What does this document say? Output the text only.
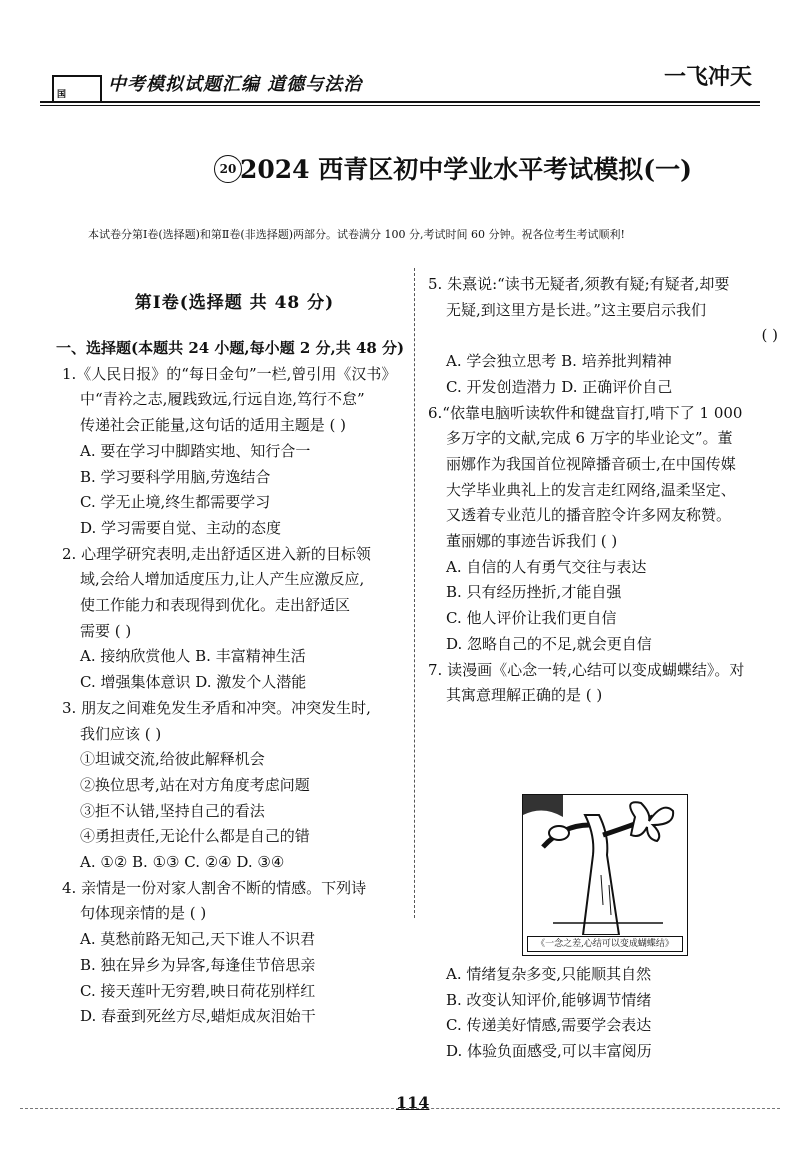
国 中考模拟试题汇编 道德与法治	一飞冲天
20 2024 西青区初中学业水平考试模拟(一)
本试卷分第Ⅰ卷(选择题)和第Ⅱ卷(非选择题)两部分。试卷满分 100 分,考试时间 60 分钟。祝各位考生考试顺利!
第Ⅰ卷(选择题 共 48 分)
一、选择题(本题共 24 小题,每小题 2 分,共 48 分)
1.《人民日报》的“每日金句”一栏,曾引用《汉书》
中“青衿之志,履践致远,行远自迩,笃行不怠”
传递社会正能量,这句话的适用主题是 ( )
A. 要在学习中脚踏实地、知行合一
B. 学习要科学用脑,劳逸结合
C. 学无止境,终生都需要学习
D. 学习需要自觉、主动的态度
2. 心理学研究表明,走出舒适区进入新的目标领
域,会给人增加适度压力,让人产生应激反应,
使工作能力和表现得到优化。走出舒适区
需要 ( )
A. 接纳欣赏他人 B. 丰富精神生活
C. 增强集体意识 D. 激发个人潜能
3. 朋友之间难免发生矛盾和冲突。冲突发生时,
我们应该 ( )
①坦诚交流,给彼此解释机会
②换位思考,站在对方角度考虑问题
③拒不认错,坚持自己的看法
④勇担责任,无论什么都是自己的错
A. ①② B. ①③ C. ②④ D. ③④
4. 亲情是一份对家人割舍不断的情感。下列诗
句体现亲情的是 ( )
A. 莫愁前路无知己,天下谁人不识君
B. 独在异乡为异客,每逢佳节倍思亲
C. 接天莲叶无穷碧,映日荷花别样红
D. 春蚕到死丝方尽,蜡炬成灰泪始干
5. 朱熹说:“读书无疑者,须教有疑;有疑者,却要
无疑,到这里方是长进。”这主要启示我们
( )
A. 学会独立思考 B. 培养批判精神
C. 开发创造潜力 D. 正确评价自己
6.“依靠电脑听读软件和键盘盲打,啃下了 1 000
多万字的文献,完成 6 万字的毕业论文”。董
丽娜作为我国首位视障播音硕士,在中国传媒
大学毕业典礼上的发言走红网络,温柔坚定、
又透着专业范儿的播音腔令许多网友称赞。
董丽娜的事迹告诉我们 ( )
A. 自信的人有勇气交往与表达
B. 只有经历挫折,才能自强
C. 他人评价让我们更自信
D. 忽略自己的不足,就会更自信
7. 读漫画《心念一转,心结可以变成蝴蝶结》。对
其寓意理解正确的是 ( )
《一念之差,心结可以变成蝴蝶结》
A. 情绪复杂多变,只能顺其自然
B. 改变认知评价,能够调节情绪
C. 传递美好情感,需要学会表达
D. 体验负面感受,可以丰富阅历
114
